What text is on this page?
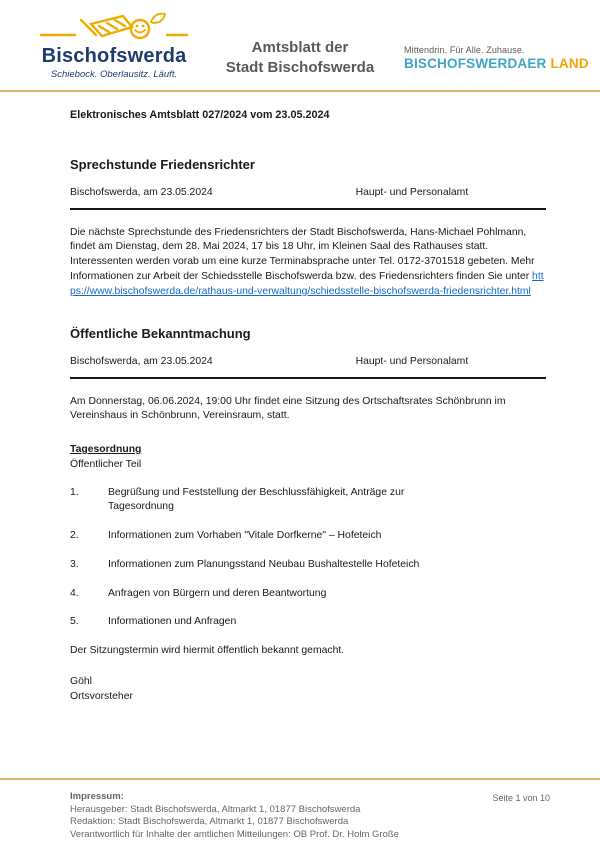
Bischofswerda
Schiebock. Oberlausitz. Läuft.
Amtsblatt der
Stadt Bischofswerda
Mittendrin. Für Alle. Zuhause.
BISCHOFSWERDAER LAND
Elektronisches Amtsblatt 027/2024 vom 23.05.2024
Sprechstunde Friedensrichter
Bischofswerda, am 23.05.2024	Haupt- und Personalamt
Die nächste Sprechstunde des Friedensrichters der Stadt Bischofswerda, Hans-Michael Pohlmann, findet am Dienstag, dem 28. Mai 2024, 17 bis 18 Uhr, im Kleinen Saal des Rathauses statt. Interessenten werden vorab um eine kurze Terminabsprache unter Tel. 0172-3701518 gebeten. Mehr Informationen zur Arbeit der Schiedsstelle Bischofswerda bzw. des Friedensrichters finden Sie unter https://www.bischofswerda.de/rathaus-und-verwaltung/schiedsstelle-bischofswerda-friedensrichter.html
Öffentliche Bekanntmachung
Bischofswerda, am 23.05.2024	Haupt- und Personalamt
Am Donnerstag, 06.06.2024, 19:00 Uhr findet eine Sitzung des Ortschaftsrates Schönbrunn im Vereinshaus in Schönbrunn, Vereinsraum, statt.
Tagesordnung
Öffentlicher Teil
1.	Begrüßung und Feststellung der Beschlussfähigkeit, Anträge zur Tagesordnung
2.	Informationen zum Vorhaben "Vitale Dorfkerne" – Hofeteich
3.	Informationen zum Planungsstand Neubau Bushaltestelle Hofeteich
4.	Anfragen von Bürgern und deren Beantwortung
5.	Informationen und Anfragen
Der Sitzungstermin wird hiermit öffentlich bekannt gemacht.
Göhl
Ortsvorsteher
Impressum:
Herausgeber: Stadt Bischofswerda, Altmarkt 1, 01877 Bischofswerda
Redaktion: Stadt Bischofswerda, Altmarkt 1, 01877 Bischofswerda
Verantwortlich für Inhalte der amtlichen Mitteilungen: OB Prof. Dr. Holm Große
Seite 1 von 10
